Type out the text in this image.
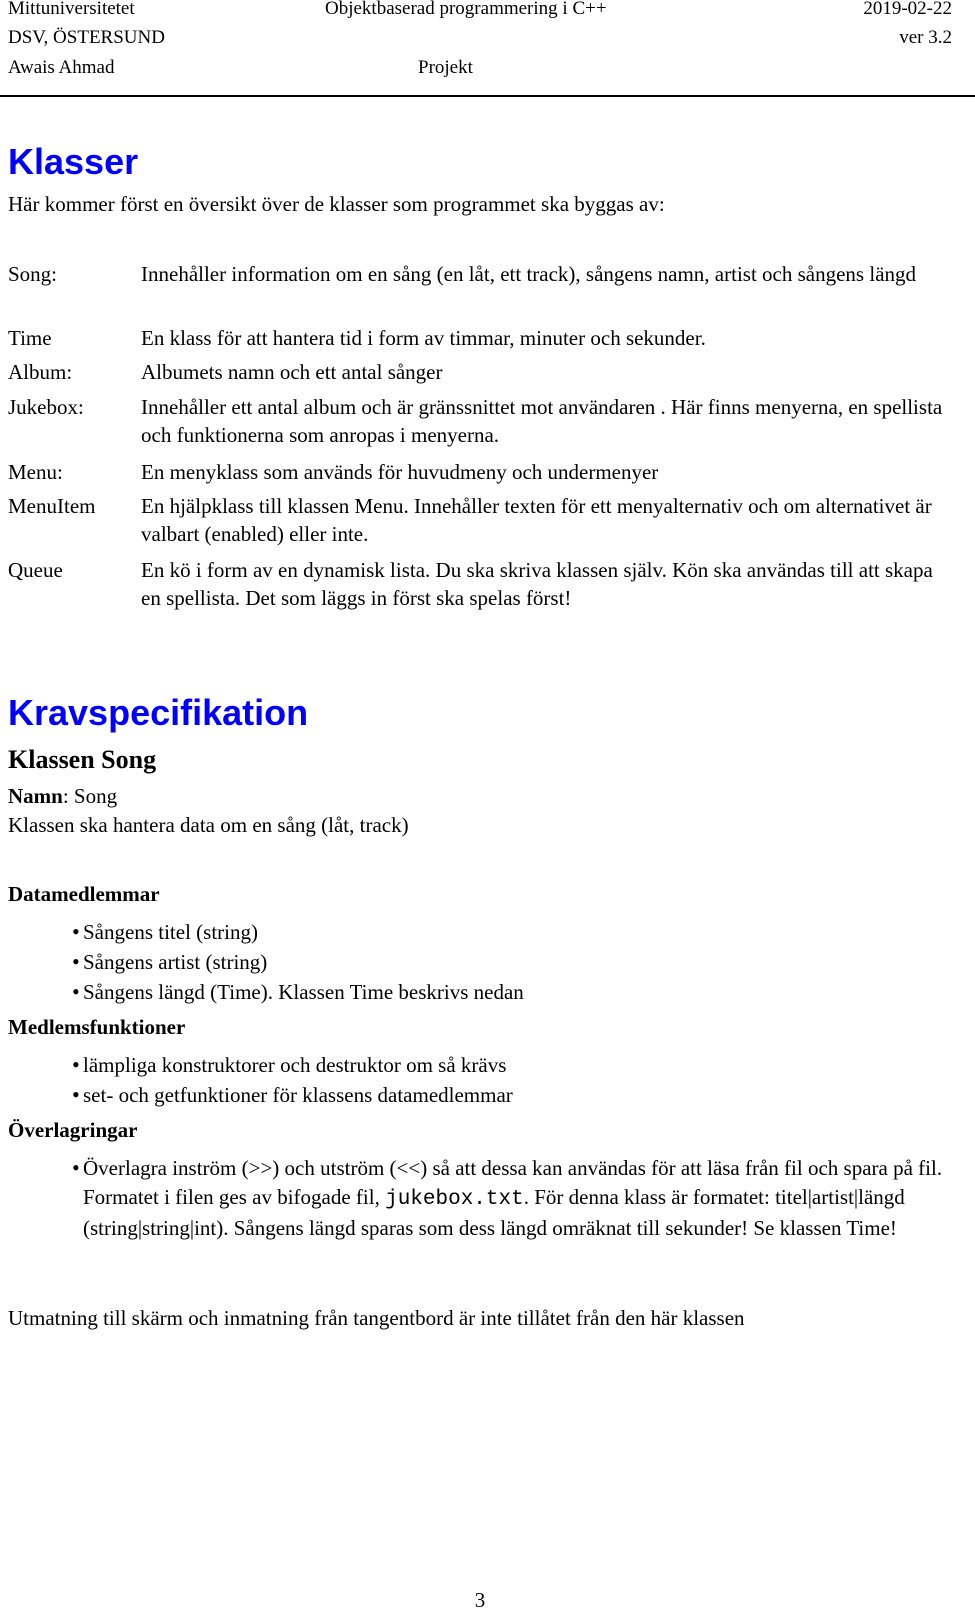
Mittuniversitetet	Objektbaserad programmering i C++	2019-02-22
DSV, ÖSTERSUND	ver 3.2
Awais Ahmad	Projekt
Klasser
Här kommer först en översikt över de klasser som programmet ska byggas av:
Song:	Innehåller information om en sång (en låt, ett track), sångens namn, artist och sångens längd
Time	En klass för att hantera tid i form av timmar, minuter och sekunder.
Album:	Albumets namn och ett antal sånger
Jukebox:	Innehåller ett antal album och är gränssnittet mot användaren . Här finns menyerna, en spellista och funktionerna som anropas i menyerna.
Menu:	En menyklass som används för huvudmeny och undermenyer
MenuItem En hjälpklass till klassen Menu. Innehåller texten för ett menyalternativ och om alternativet är valbart (enabled) eller inte.
Queue	En kö i form av en dynamisk lista. Du ska skriva klassen själv. Kön ska användas till att skapa en spellista. Det som läggs in först ska spelas först!
Kravspecifikation
Klassen Song
Namn: Song
Klassen ska hantera data om en sång (låt, track)
Datamedlemmar
• Sångens titel (string)
• Sångens artist (string)
• Sångens längd (Time). Klassen Time beskrivs nedan
Medlemsfunktioner
• lämpliga konstruktorer och destruktor om så krävs
• set- och getfunktioner för klassens datamedlemmar
Överlagringar
• Överlagra inström (>>) och utström (<<) så att dessa kan användas för att läsa från fil och spara på fil. Formatet i filen ges av bifogade fil, jukebox.txt. För denna klass är formatet: titel|artist|längd (string|string|int). Sångens längd sparas som dess längd omräknat till sekunder! Se klassen Time!
Utmatning till skärm och inmatning från tangentbord är inte tillåtet från den här klassen
3
